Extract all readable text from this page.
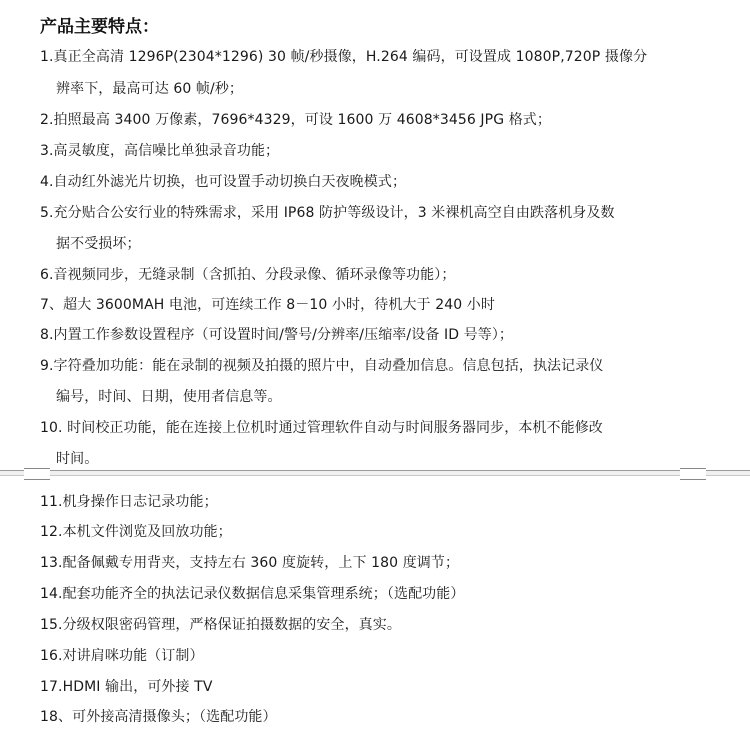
产品主要特点：
1.真正全高清 1296P(2304*1296) 30 帧/秒摄像，H.264 编码，可设置成 1080P,720P 摄像分
辨率下，最高可达 60 帧/秒；
2.拍照最高 3400 万像素，7696*4329，可设 1600 万 4608*3456 JPG 格式；
3.高灵敏度，高信噪比单独录音功能；
4.自动红外滤光片切换，也可设置手动切换白天夜晚模式；
5.充分贴合公安行业的特殊需求，采用 IP68 防护等级设计，3 米裸机高空自由跌落机身及数
据不受损坏；
6.音视频同步，无缝录制（含抓拍、分段录像、循环录像等功能）；
7、超大 3600MAH 电池，可连续工作 8－10 小时，待机大于 240 小时
8.内置工作参数设置程序（可设置时间/警号/分辨率/压缩率/设备 ID 号等）；
9.字符叠加功能：能在录制的视频及拍摄的照片中，自动叠加信息。信息包括，执法记录仪
编号，时间、日期，使用者信息等。
10. 时间校正功能，能在连接上位机时通过管理软件自动与时间服务器同步，本机不能修改
时间。
11.机身操作日志记录功能；
12.本机文件浏览及回放功能；
13.配备佩戴专用背夹，支持左右 360 度旋转，上下 180 度调节；
14.配套功能齐全的执法记录仪数据信息采集管理系统；（选配功能）
15.分级权限密码管理，严格保证拍摄数据的安全，真实。
16.对讲肩咪功能（订制）
17.HDMI 输出，可外接 TV
18、可外接高清摄像头；（选配功能）
